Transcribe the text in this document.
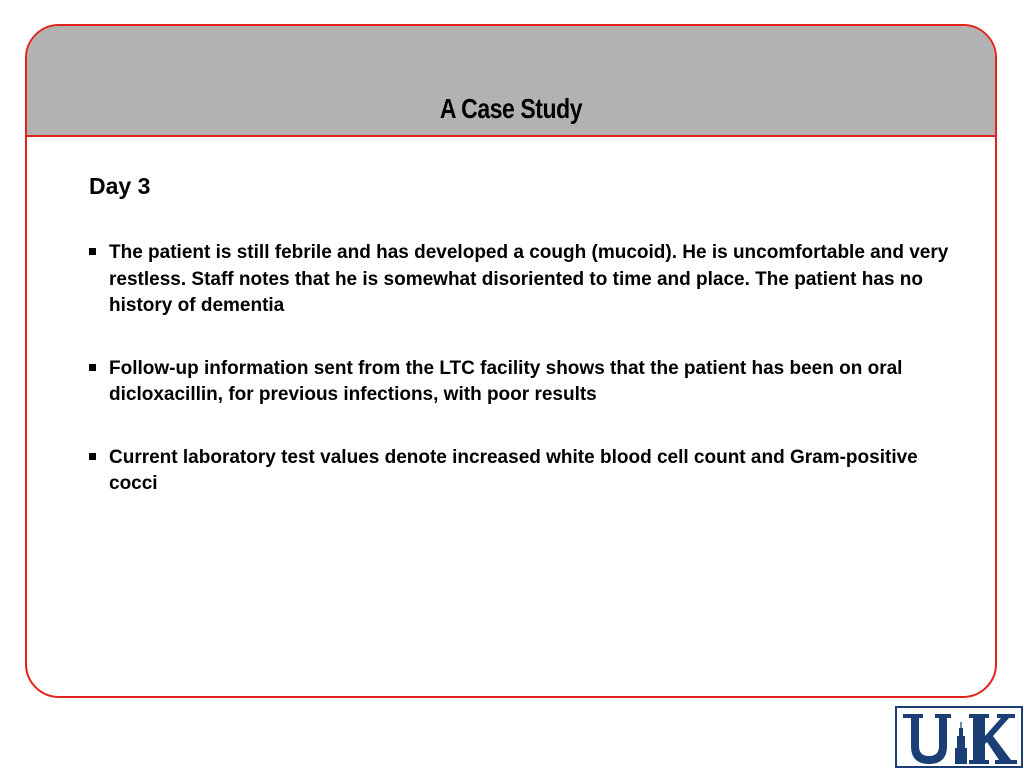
A Case Study
Day 3
The patient is still febrile and has developed a cough (mucoid). He is uncomfortable and very restless. Staff notes that he is somewhat disoriented to time and place. The patient has no history of dementia
Follow-up information sent from the LTC facility shows that the patient has been on oral dicloxacillin, for previous infections, with poor results
Current laboratory test values denote increased white blood cell count and Gram-positive cocci
